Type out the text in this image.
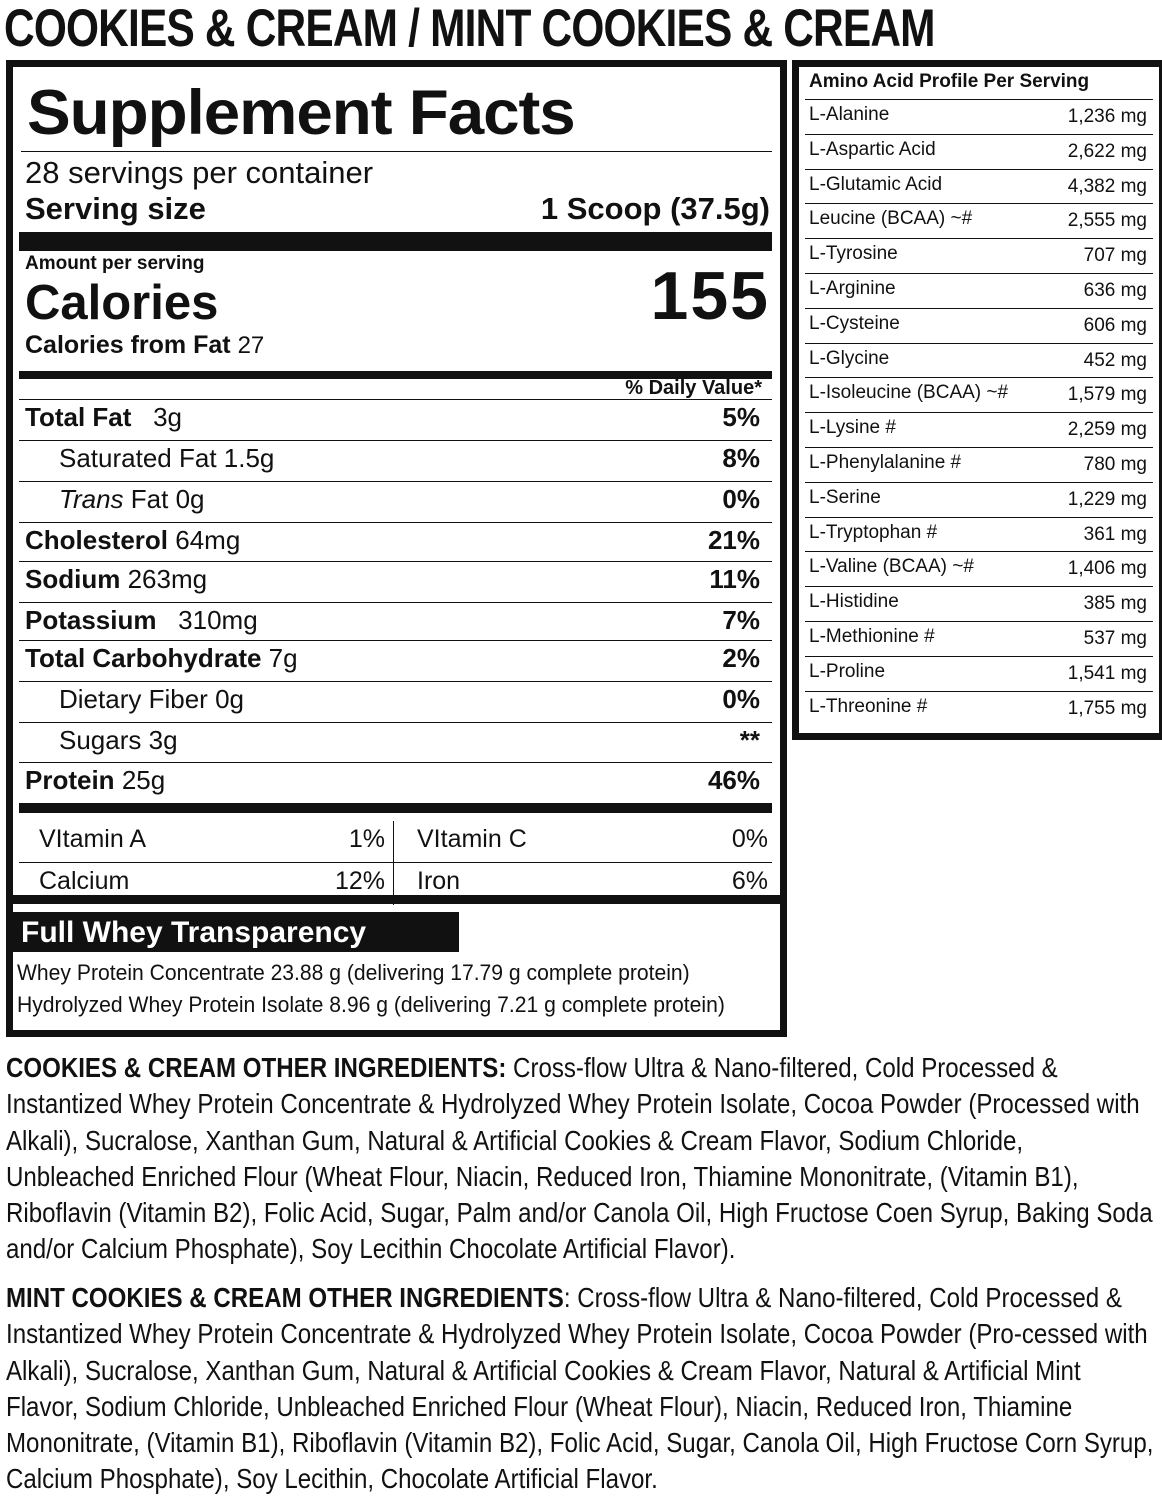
COOKIES & CREAM / MINT COOKIES & CREAM
Supplement Facts
28 servings per container
Serving size	1 Scoop (37.5g)
Amount per serving
Calories	155
Calories from Fat 27
% Daily Value*
Total Fat 3g	5%
Saturated Fat 1.5g	8%
Trans Fat 0g	0%
Cholesterol 64mg	21%
Sodium 263mg	11%
Potassium 310mg	7%
Total Carbohydrate 7g	2%
Dietary Fiber 0g	0%
Sugars 3g	**
Protein 25g	46%
VItamin A	1% VItamin C	0%
Calcium	12% Iron	6%
Full Whey Transparency
Whey Protein Concentrate 23.88 g (delivering 17.79 g complete protein)
Hydrolyzed Whey Protein Isolate 8.96 g (delivering 7.21 g complete protein)
Amino Acid Profile Per Serving
L-Alanine	1,236 mg
L-Aspartic Acid	2,622 mg
L-Glutamic Acid	4,382 mg
Leucine (BCAA) ~#	2,555 mg
L-Tyrosine	707 mg
L-Arginine	636 mg
L-Cysteine	606 mg
L-Glycine	452 mg
L-Isoleucine (BCAA) ~#	1,579 mg
L-Lysine #	2,259 mg
L-Phenylalanine #	780 mg
L-Serine	1,229 mg
L-Tryptophan #	361 mg
L-Valine (BCAA) ~#	1,406 mg
L-Histidine	385 mg
L-Methionine #	537 mg
L-Proline	1,541 mg
L-Threonine #	1,755 mg

COOKIES & CREAM OTHER INGREDIENTS: Cross-flow Ultra & Nano-filtered, Cold Processed & Instantized Whey Protein Concentrate & Hydrolyzed Whey Protein Isolate, Cocoa Powder (Processed with Alkali), Sucralose, Xanthan Gum, Natural & Artificial Cookies & Cream Flavor, Sodium Chloride, Unbleached Enriched Flour (Wheat Flour, Niacin, Reduced Iron, Thiamine Mononitrate, (Vitamin B1), Riboflavin (Vitamin B2), Folic Acid, Sugar, Palm and/or Canola Oil, High Fructose Coen Syrup, Baking Soda and/or Calcium Phosphate), Soy Lecithin Chocolate Artificial Flavor).

MINT COOKIES & CREAM OTHER INGREDIENTS: Cross-flow Ultra & Nano-filtered, Cold Processed & Instantized Whey Protein Concentrate & Hydrolyzed Whey Protein Isolate, Cocoa Powder (Pro-cessed with Alkali), Sucralose, Xanthan Gum, Natural & Artificial Cookies & Cream Flavor, Natural & Artificial Mint Flavor, Sodium Chloride, Unbleached Enriched Flour (Wheat Flour), Niacin, Reduced Iron, Thiamine Mononitrate, (Vitamin B1), Riboflavin (Vitamin B2), Folic Acid, Sugar, Canola Oil, High Fructose Corn Syrup, Calcium Phosphate), Soy Lecithin, Chocolate Artificial Flavor.
